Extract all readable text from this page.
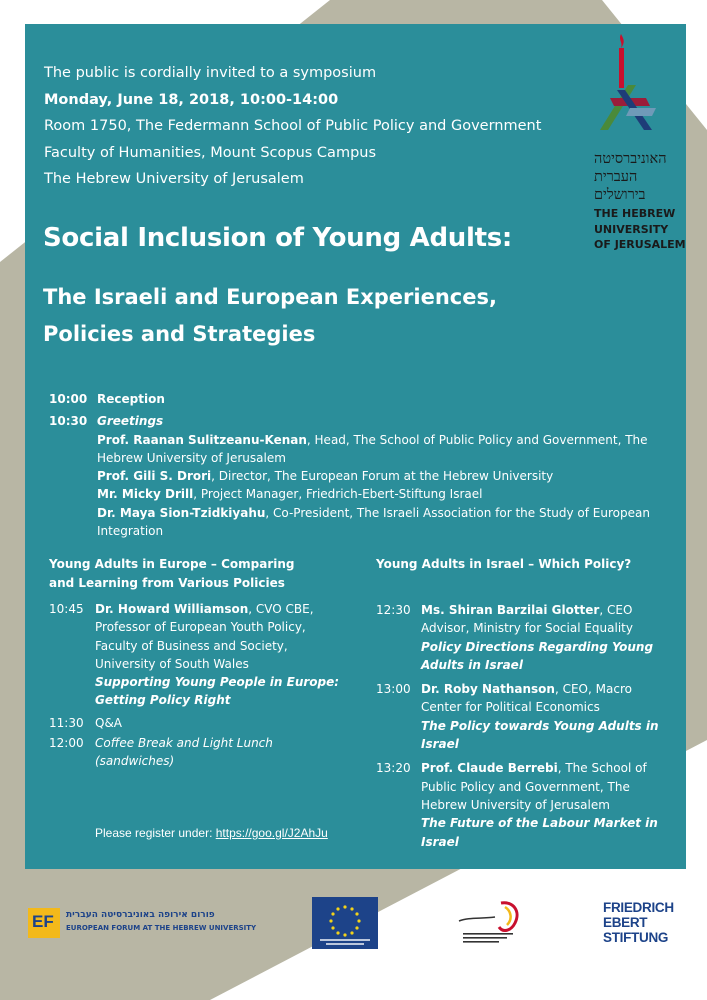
The public is cordially invited to a symposium
Monday, June 18, 2018, 10:00-14:00
Room 1750, The Federmann School of Public Policy and Government
Faculty of Humanities, Mount Scopus Campus
The Hebrew University of Jerusalem
Social Inclusion of Young Adults:
The Israeli and European Experiences, Policies and Strategies
האוניברסיטה
העברית
בירושלים
THE HEBREW
UNIVERSITY
OF JERUSALEM
10:00 Reception
10:30 Greetings
Prof. Raanan Sulitzeanu-Kenan, Head, The School of Public Policy and Government, The Hebrew University of Jerusalem
Prof. Gili S. Drori, Director, The European Forum at the Hebrew University
Mr. Micky Drill, Project Manager, Friedrich-Ebert-Stiftung Israel
Dr. Maya Sion-Tzidkiyahu, Co-President, The Israeli Association for the Study of European Integration
Young Adults in Europe – Comparing and Learning from Various Policies
10:45 Dr. Howard Williamson, CVO CBE, Professor of European Youth Policy, Faculty of Business and Society, University of South Wales
Supporting Young People in Europe: Getting Policy Right
11:30 Q&A
12:00 Coffee Break and Light Lunch (sandwiches)
Young Adults in Israel – Which Policy?
12:30 Ms. Shiran Barzilai Glotter, CEO Advisor, Ministry for Social Equality
Policy Directions Regarding Young Adults in Israel
13:00 Dr. Roby Nathanson, CEO, Macro Center for Political Economics
The Policy towards Young Adults in Israel
13:20 Prof. Claude Berrebi, The School of Public Policy and Government, The Hebrew University of Jerusalem
The Future of the Labour Market in Israel
Please register under: https://goo.gl/J2AhJu
EF פורום אירופה באוניברסיטה העברית
EUROPEAN FORUM AT THE HEBREW UNIVERSITY
FRIEDRICH
EBERT
STIFTUNG
